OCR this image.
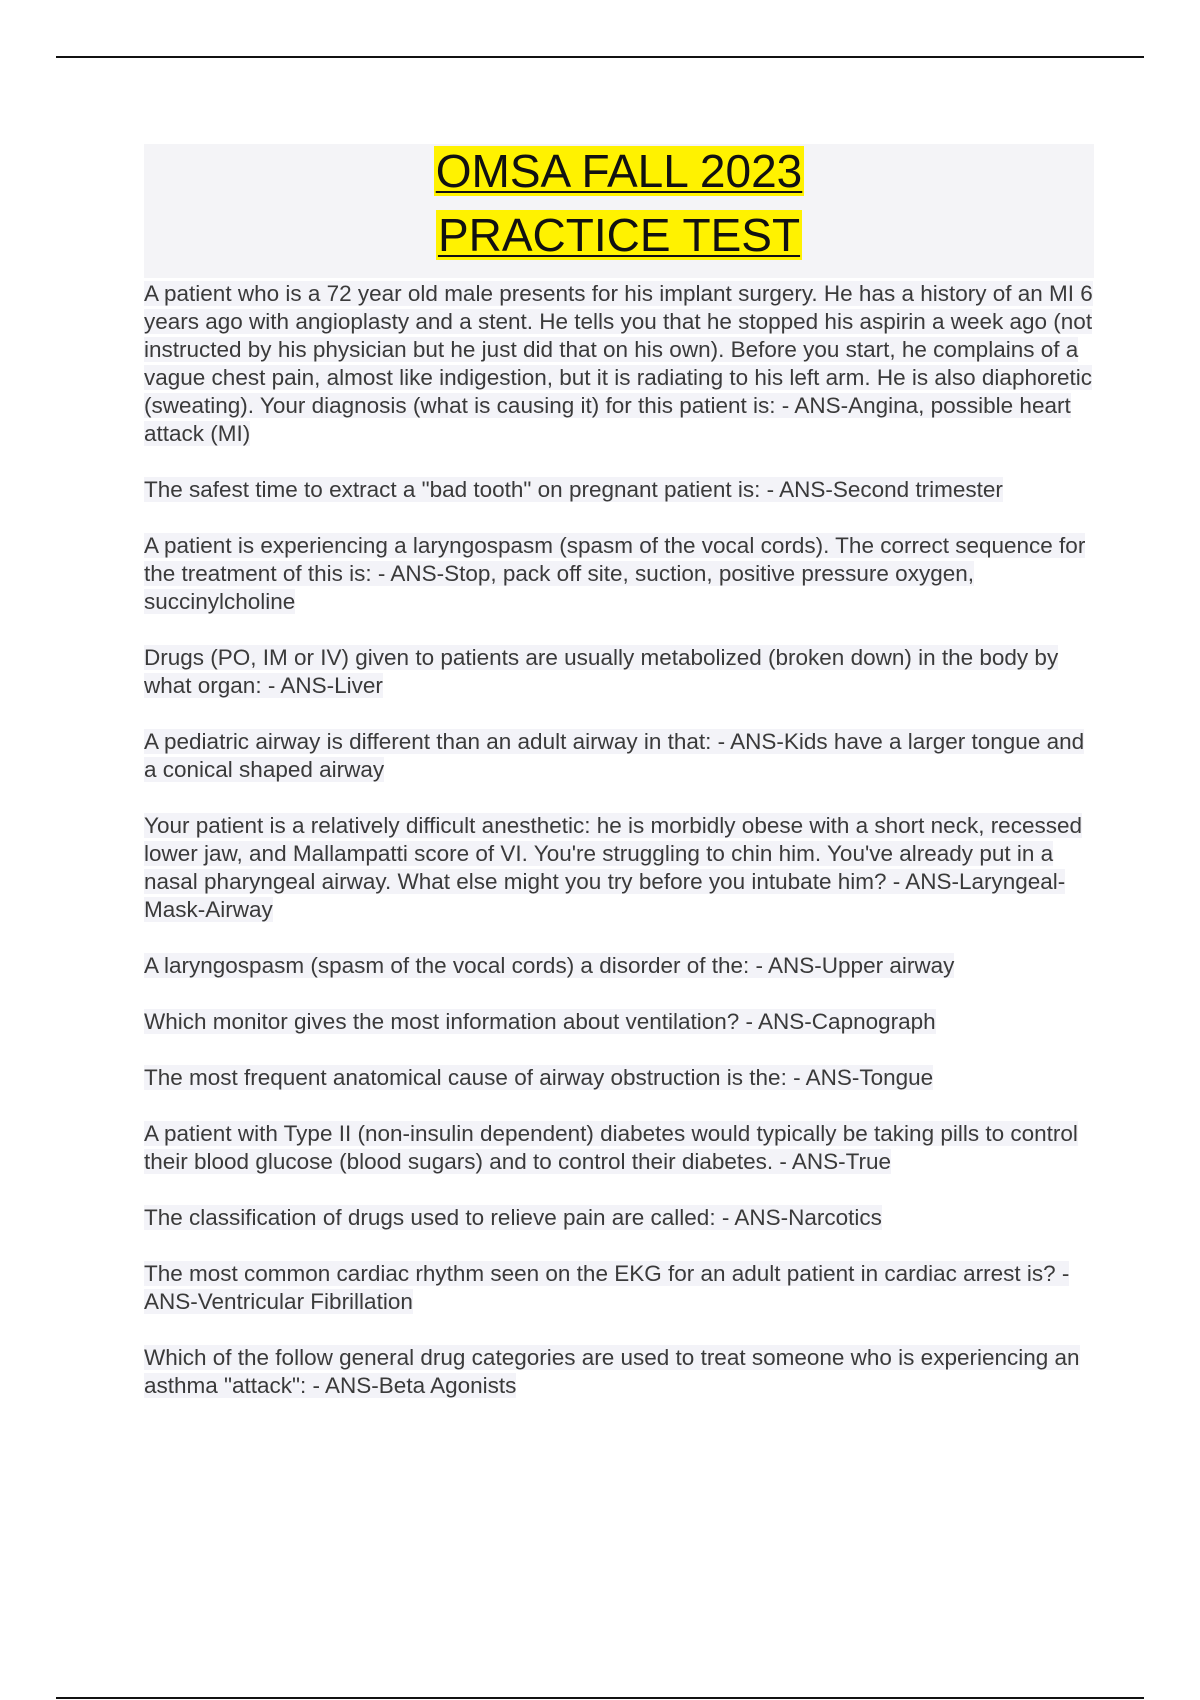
OMSA FALL 2023
PRACTICE TEST
A patient who is a 72 year old male presents for his implant surgery. He has a history of an MI 6 years ago with angioplasty and a stent. He tells you that he stopped his aspirin a week ago (not instructed by his physician but he just did that on his own). Before you start, he complains of a vague chest pain, almost like indigestion, but it is radiating to his left arm. He is also diaphoretic (sweating). Your diagnosis (what is causing it) for this patient is: - ANS-Angina, possible heart attack (MI)
The safest time to extract a "bad tooth" on pregnant patient is: - ANS-Second trimester
A patient is experiencing a laryngospasm (spasm of the vocal cords). The correct sequence for the treatment of this is: - ANS-Stop, pack off site, suction, positive pressure oxygen, succinylcholine
Drugs (PO, IM or IV) given to patients are usually metabolized (broken down) in the body by what organ: - ANS-Liver
A pediatric airway is different than an adult airway in that: - ANS-Kids have a larger tongue and a conical shaped airway
Your patient is a relatively difficult anesthetic: he is morbidly obese with a short neck, recessed lower jaw, and Mallampatti score of VI. You're struggling to chin him. You've already put in a nasal pharyngeal airway. What else might you try before you intubate him? - ANS-Laryngeal-Mask-Airway
A laryngospasm (spasm of the vocal cords) a disorder of the: - ANS-Upper airway
Which monitor gives the most information about ventilation? - ANS-Capnograph
The most frequent anatomical cause of airway obstruction is the: - ANS-Tongue
A patient with Type II (non-insulin dependent) diabetes would typically be taking pills to control their blood glucose (blood sugars) and to control their diabetes. - ANS-True
The classification of drugs used to relieve pain are called: - ANS-Narcotics
The most common cardiac rhythm seen on the EKG for an adult patient in cardiac arrest is? - ANS-Ventricular Fibrillation
Which of the follow general drug categories are used to treat someone who is experiencing an asthma "attack": - ANS-Beta Agonists
